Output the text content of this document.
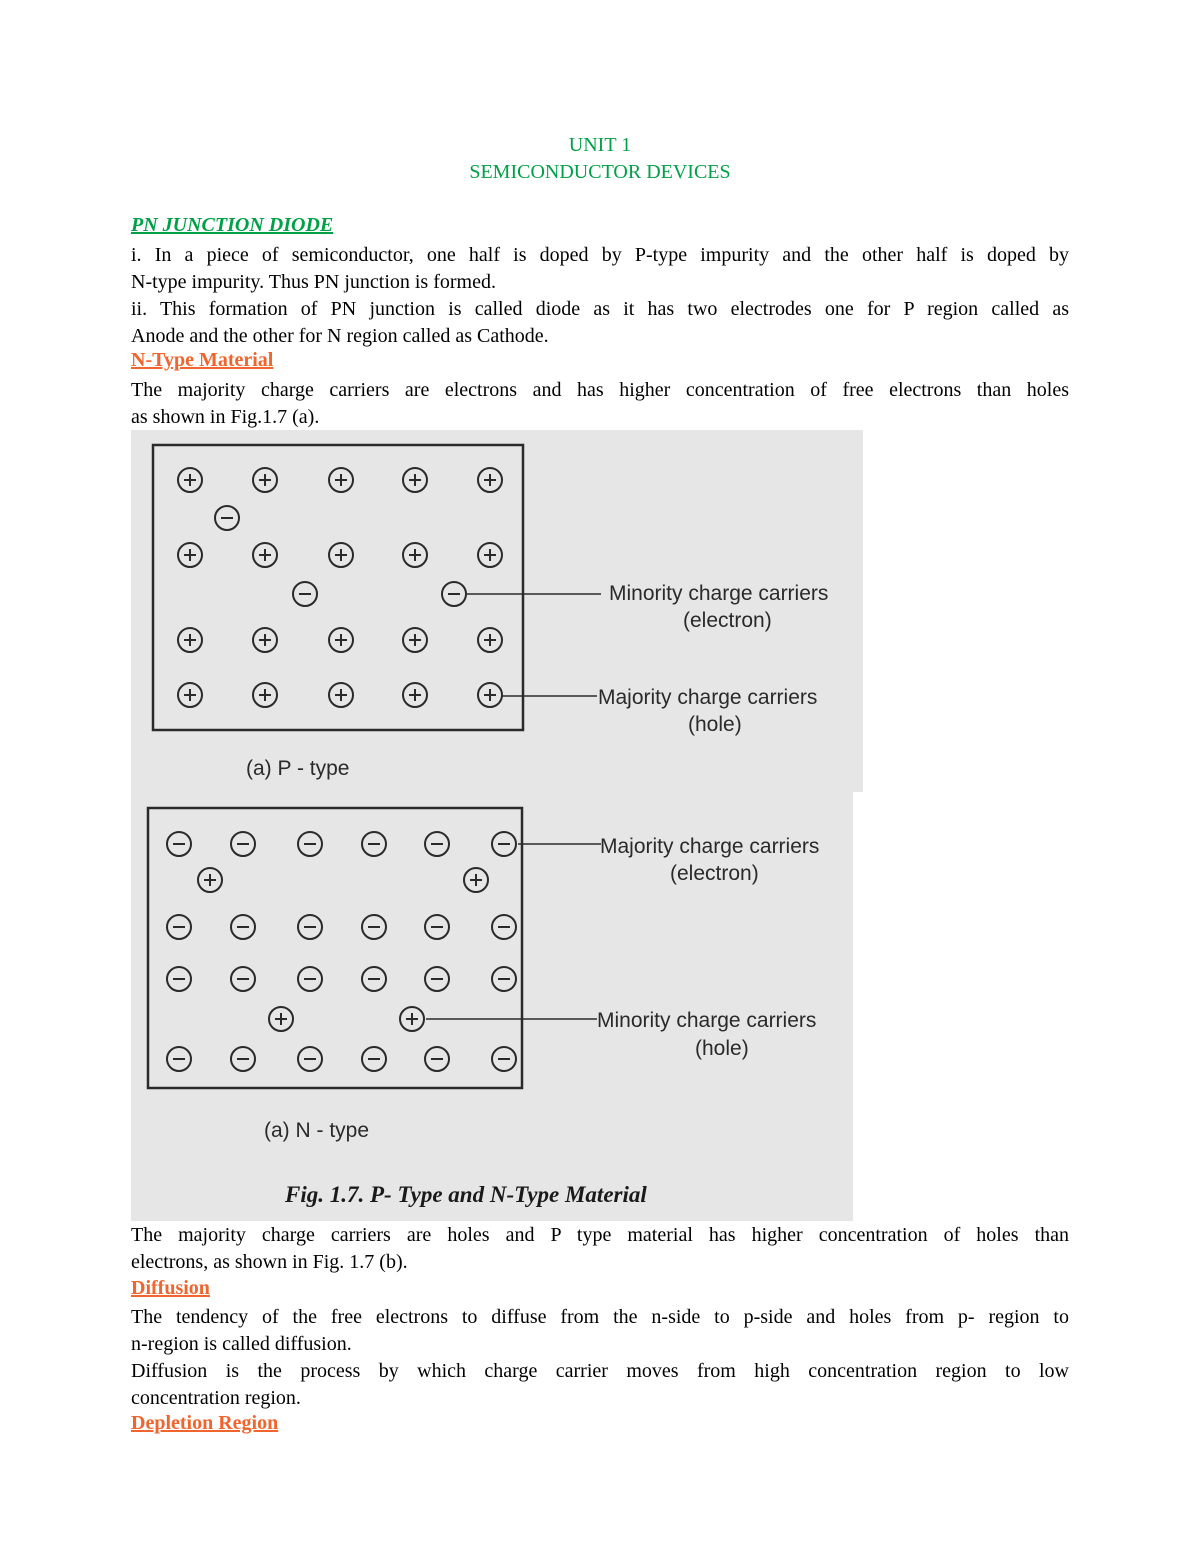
UNIT 1
SEMICONDUCTOR DEVICES
PN JUNCTION DIODE
i. In a piece of semiconductor, one half is doped by P-type impurity and the other half is doped by
N-type impurity. Thus PN junction is formed.
ii. This formation of PN junction is called diode as it has two electrodes one for P region called as
Anode and the other for N region called as Cathode.
N-Type Material
The majority charge carriers are electrons and has higher concentration of free electrons than holes
as shown in Fig.1.7 (a).
Minority charge carriers
(electron)
Majority charge carriers
(hole)
(a) P - type
Majority charge carriers
(electron)
Minority charge carriers
(hole)
(a) N - type
Fig. 1.7. P- Type and N-Type Material
The majority charge carriers are holes and P type material has higher concentration of holes than
electrons, as shown in Fig. 1.7 (b).
Diffusion
The tendency of the free electrons to diffuse from the n-side to p-side and holes from p- region to
n-region is called diffusion.
Diffusion is the process by which charge carrier moves from high concentration region to low
concentration region.
Depletion Region
